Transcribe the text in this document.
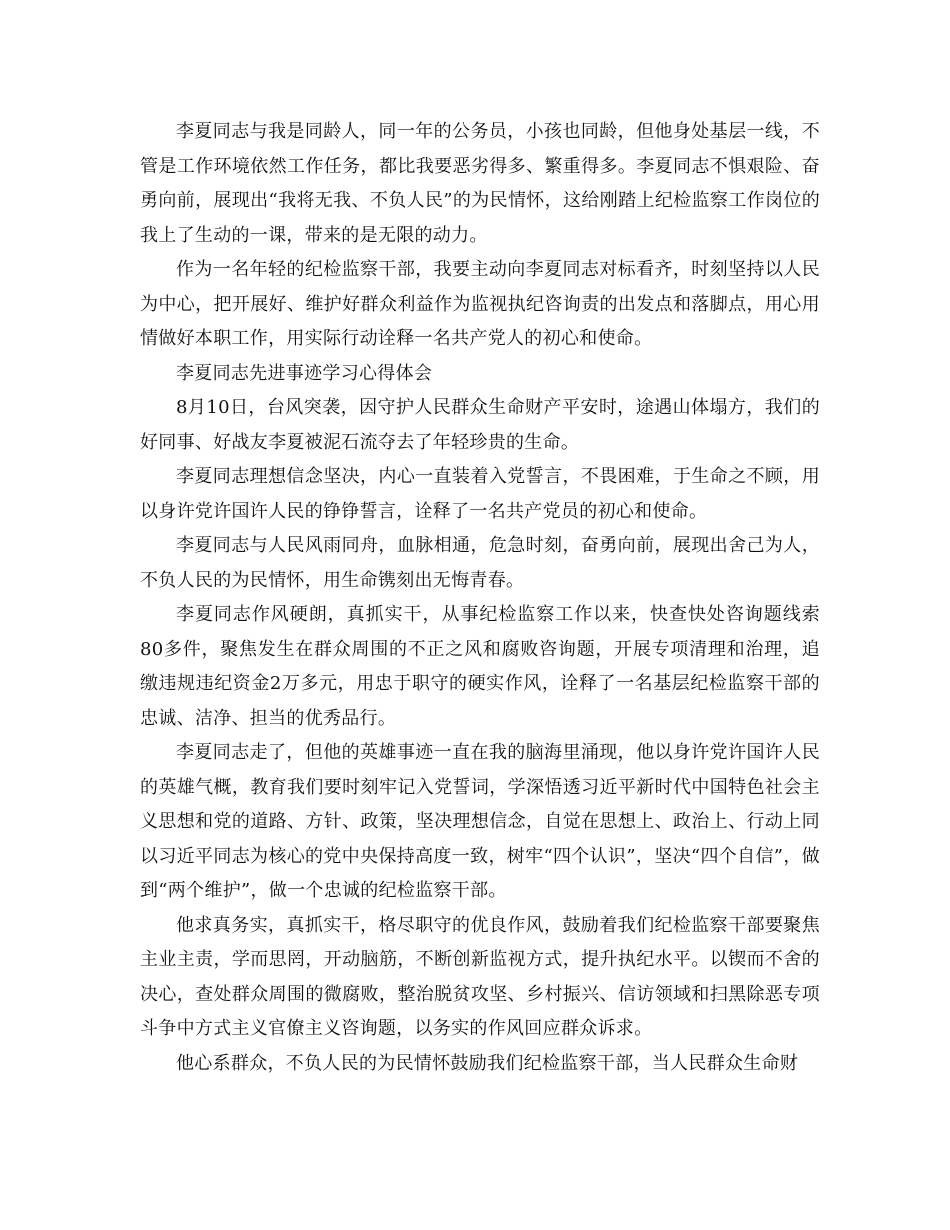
李夏同志与我是同龄人，同一年的公务员，小孩也同龄，但他身处基层一线，不管是工作环境依然工作任务，都比我要恶劣得多、繁重得多。李夏同志不惧艰险、奋勇向前，展现出“我将无我、不负人民”的为民情怀，这给刚踏上纪检监察工作岗位的我上了生动的一课，带来的是无限的动力。

作为一名年轻的纪检监察干部，我要主动向李夏同志对标看齐，时刻坚持以人民为中心，把开展好、维护好群众利益作为监视执纪咨询责的出发点和落脚点，用心用情做好本职工作，用实际行动诠释一名共产党人的初心和使命。

李夏同志先进事迹学习心得体会

8月10日，台风突袭，因守护人民群众生命财产平安时，途遇山体塌方，我们的好同事、好战友李夏被泥石流夺去了年轻珍贵的生命。

李夏同志理想信念坚决，内心一直装着入党誓言，不畏困难，于生命之不顾，用以身许党许国许人民的铮铮誓言，诠释了一名共产党员的初心和使命。

李夏同志与人民风雨同舟，血脉相通，危急时刻，奋勇向前，展现出舍己为人，不负人民的为民情怀，用生命镌刻出无悔青春。

李夏同志作风硬朗，真抓实干，从事纪检监察工作以来，快查快处咨询题线索80多件，聚焦发生在群众周围的不正之风和腐败咨询题，开展专项清理和治理，追缴违规违纪资金2万多元，用忠于职守的硬实作风，诠释了一名基层纪检监察干部的忠诚、洁净、担当的优秀品行。

李夏同志走了，但他的英雄事迹一直在我的脑海里涌现，他以身许党许国许人民的英雄气概，教育我们要时刻牢记入党誓词，学深悟透习近平新时代中国特色社会主义思想和党的道路、方针、政策，坚决理想信念，自觉在思想上、政治上、行动上同以习近平同志为核心的党中央保持高度一致，树牢“四个认识”，坚决“四个自信”，做到“两个维护”，做一个忠诚的纪检监察干部。

他求真务实，真抓实干，格尽职守的优良作风，鼓励着我们纪检监察干部要聚焦主业主责，学而思罔，开动脑筋，不断创新监视方式，提升执纪水平。以锲而不舍的决心，查处群众周围的微腐败，整治脱贫攻坚、乡村振兴、信访领域和扫黑除恶专项斗争中方式主义官僚主义咨询题，以务实的作风回应群众诉求。

他心系群众，不负人民的为民情怀鼓励我们纪检监察干部，当人民群众生命财
